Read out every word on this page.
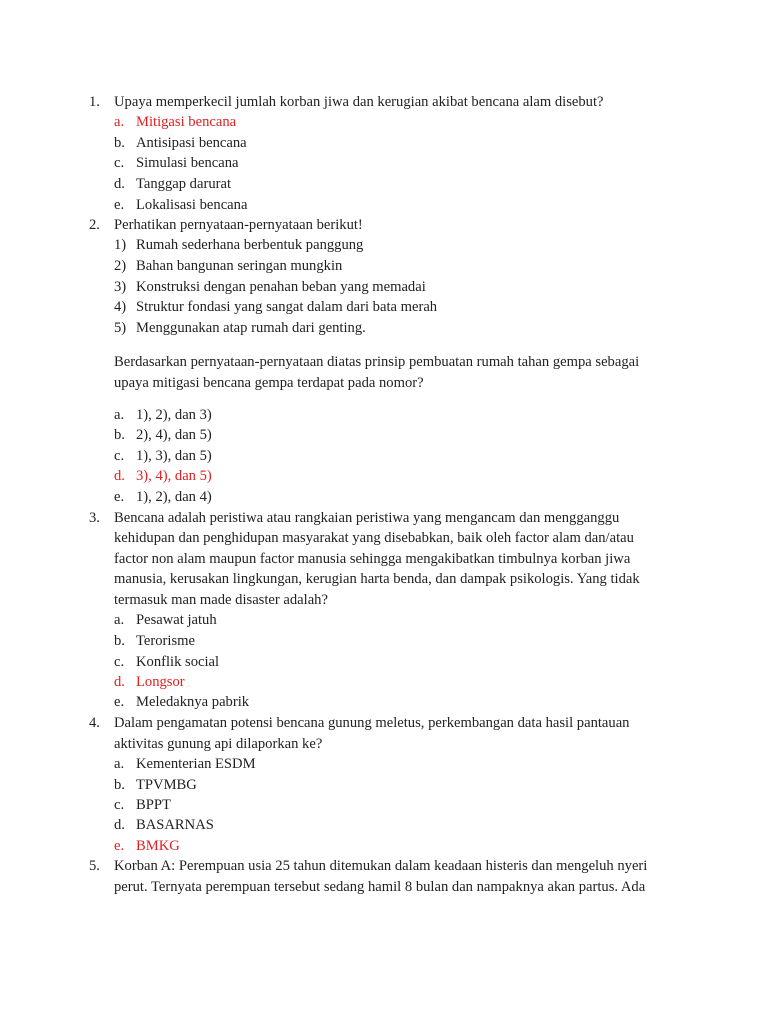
1. Upaya memperkecil jumlah korban jiwa dan kerugian akibat bencana alam disebut?
a. Mitigasi bencana
b. Antisipasi bencana
c. Simulasi bencana
d. Tanggap darurat
e. Lokalisasi bencana
2. Perhatikan pernyataan-pernyataan berikut!
1) Rumah sederhana berbentuk panggung
2) Bahan bangunan seringan mungkin
3) Konstruksi dengan penahan beban yang memadai
4) Struktur fondasi yang sangat dalam dari bata merah
5) Menggunakan atap rumah dari genting.
Berdasarkan pernyataan-pernyataan diatas prinsip pembuatan rumah tahan gempa sebagai
upaya mitigasi bencana gempa terdapat pada nomor?
a. 1), 2), dan 3)
b. 2), 4), dan 5)
c. 1), 3), dan 5)
d. 3), 4), dan 5)
e. 1), 2), dan 4)
3. Bencana adalah peristiwa atau rangkaian peristiwa yang mengancam dan mengganggu
kehidupan dan penghidupan masyarakat yang disebabkan, baik oleh factor alam dan/atau
factor non alam maupun factor manusia sehingga mengakibatkan timbulnya korban jiwa
manusia, kerusakan lingkungan, kerugian harta benda, dan dampak psikologis. Yang tidak
termasuk man made disaster adalah?
a. Pesawat jatuh
b. Terorisme
c. Konflik social
d. Longsor
e. Meledaknya pabrik
4. Dalam pengamatan potensi bencana gunung meletus, perkembangan data hasil pantauan
aktivitas gunung api dilaporkan ke?
a. Kementerian ESDM
b. TPVMBG
c. BPPT
d. BASARNAS
e. BMKG
5. Korban A: Perempuan usia 25 tahun ditemukan dalam keadaan histeris dan mengeluh nyeri
perut. Ternyata perempuan tersebut sedang hamil 8 bulan dan nampaknya akan partus. Ada
